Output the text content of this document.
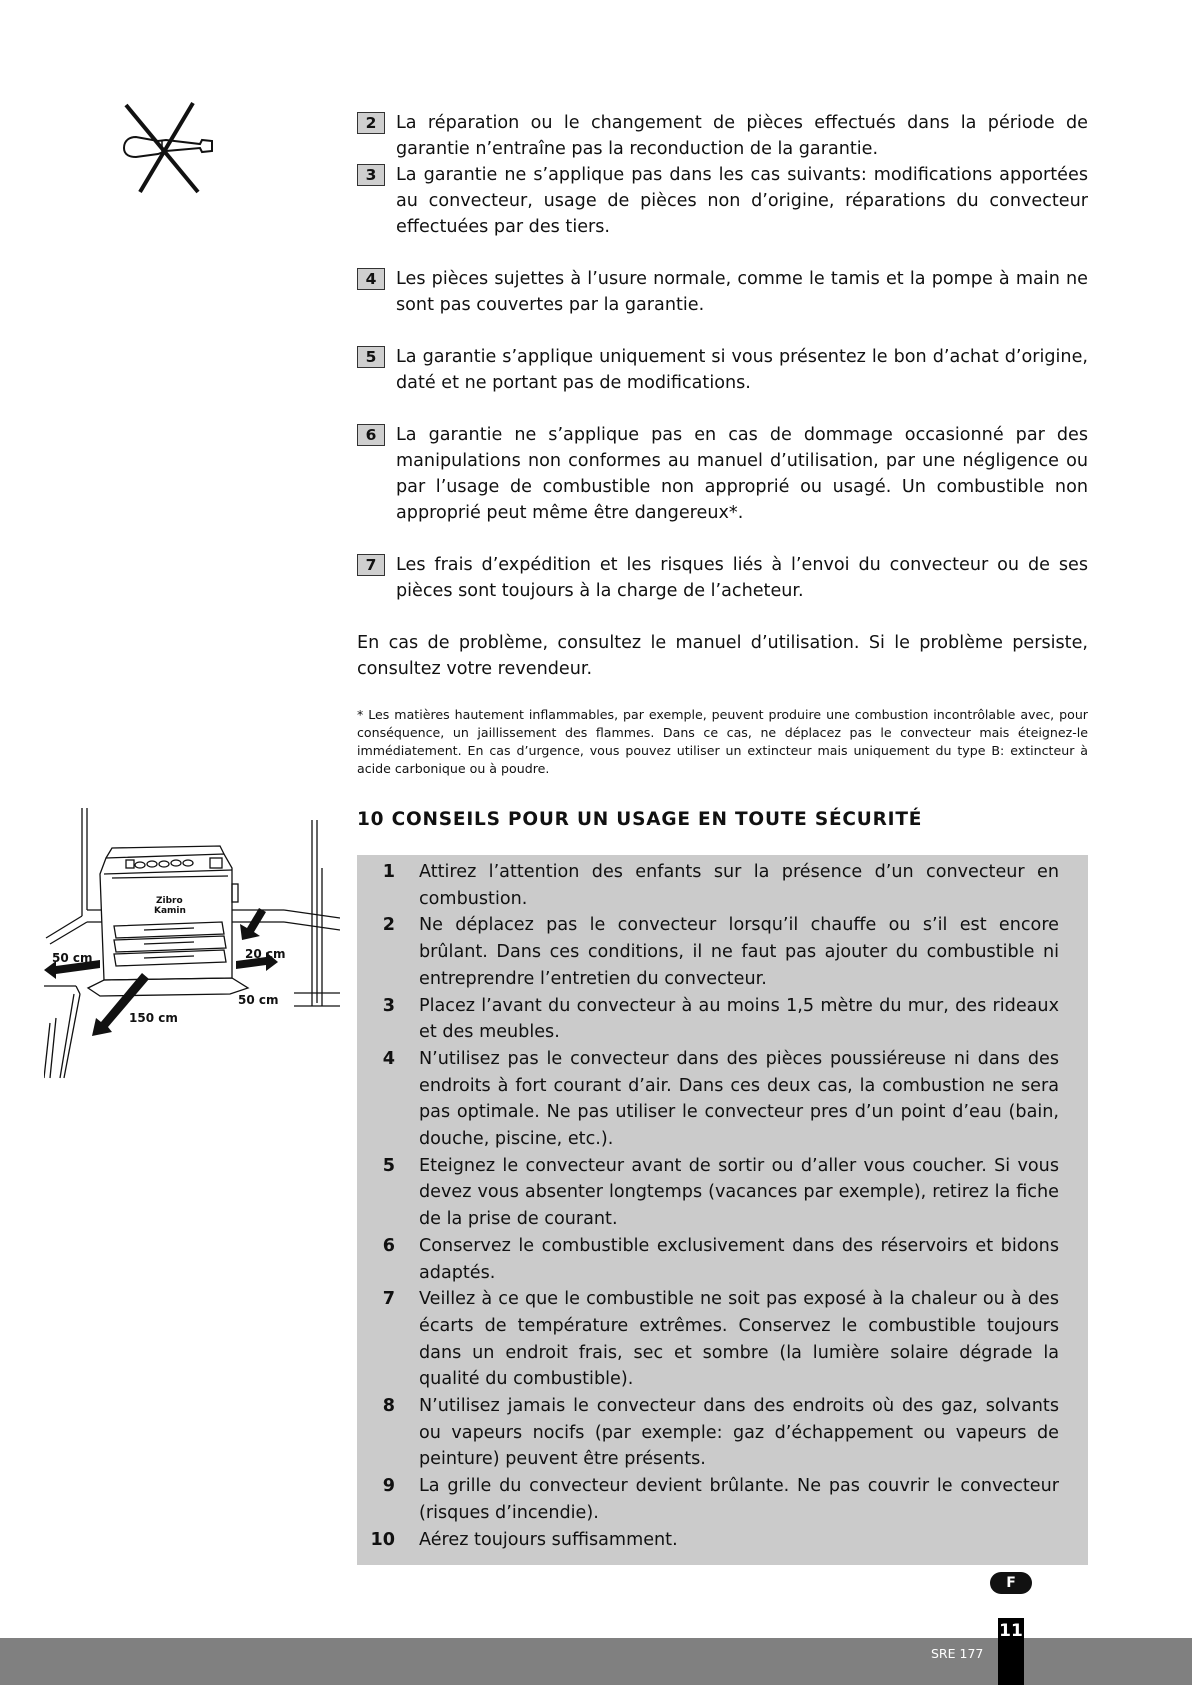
Zibro
Kamin
50 cm	20 cm
50 cm
150 cm
2	La réparation ou le changement de pièces effectués dans la période de garantie n’entraîne pas la reconduction de la garantie.
3	La garantie ne s’applique pas dans les cas suivants: modifications apportées au convecteur, usage de pièces non d’origine, réparations du convecteur effectuées par des tiers.
4	Les pièces sujettes à l’usure normale, comme le tamis et la pompe à main ne sont pas couvertes par la garantie.
5	La garantie s’applique uniquement si vous présentez le bon d’achat d’origine, daté et ne portant pas de modifications.
6	La garantie ne s’applique pas en cas de dommage occasionné par des manipulations non conformes au manuel d’utilisation, par une négligence ou par l’usage de combustible non approprié ou usagé. Un combustible non approprié peut même être dangereux*.
7	Les frais d’expédition et les risques liés à l’envoi du convecteur ou de ses pièces sont toujours à la charge de l’acheteur.

En cas de problème, consultez le manuel d’utilisation. Si le problème persiste, consultez votre revendeur.

* Les matières hautement inflammables, par exemple, peuvent produire une combustion incontrôlable avec, pour conséquence, un jaillissement des flammes. Dans ce cas, ne déplacez pas le convecteur mais éteignez-le immédiatement. En cas d’urgence, vous pouvez utiliser un extincteur mais uniquement du type B: extincteur à acide carbonique ou à poudre.

10 CONSEILS POUR UN USAGE EN TOUTE SÉCURITÉ
1 Attirez l’attention des enfants sur la présence d’un convecteur en combustion.
2 Ne déplacez pas le convecteur lorsqu’il chauffe ou s’il est encore brûlant. Dans ces conditions, il ne faut pas ajouter du combustible ni entreprendre l’entretien du convecteur.
3 Placez l’avant du convecteur à au moins 1,5 mètre du mur, des rideaux et des meubles.
4 N’utilisez pas le convecteur dans des pièces poussiéreuse ni dans des endroits à fort courant d’air. Dans ces deux cas, la combustion ne sera pas optimale. Ne pas utiliser le convecteur pres d’un point d’eau (bain, douche, piscine, etc.).
5 Eteignez le convecteur avant de sortir ou d’aller vous coucher. Si vous devez vous absenter longtemps (vacances par exemple), retirez la fiche de la prise de courant.
6 Conservez le combustible exclusivement dans des réservoirs et bidons adaptés.
7 Veillez à ce que le combustible ne soit pas exposé à la chaleur ou à des écarts de température extrêmes. Conservez le combustible toujours dans un endroit frais, sec et sombre (la lumière solaire dégrade la qualité du combustible).
8 N’utilisez jamais le convecteur dans des endroits où des gaz, solvants ou vapeurs nocifs (par exemple: gaz d’échappement ou vapeurs de peinture) peuvent être présents.
9 La grille du convecteur devient brûlante. Ne pas couvrir le convecteur (risques d’incendie).
10 Aérez toujours suffisamment.
F
SRE 177
11
